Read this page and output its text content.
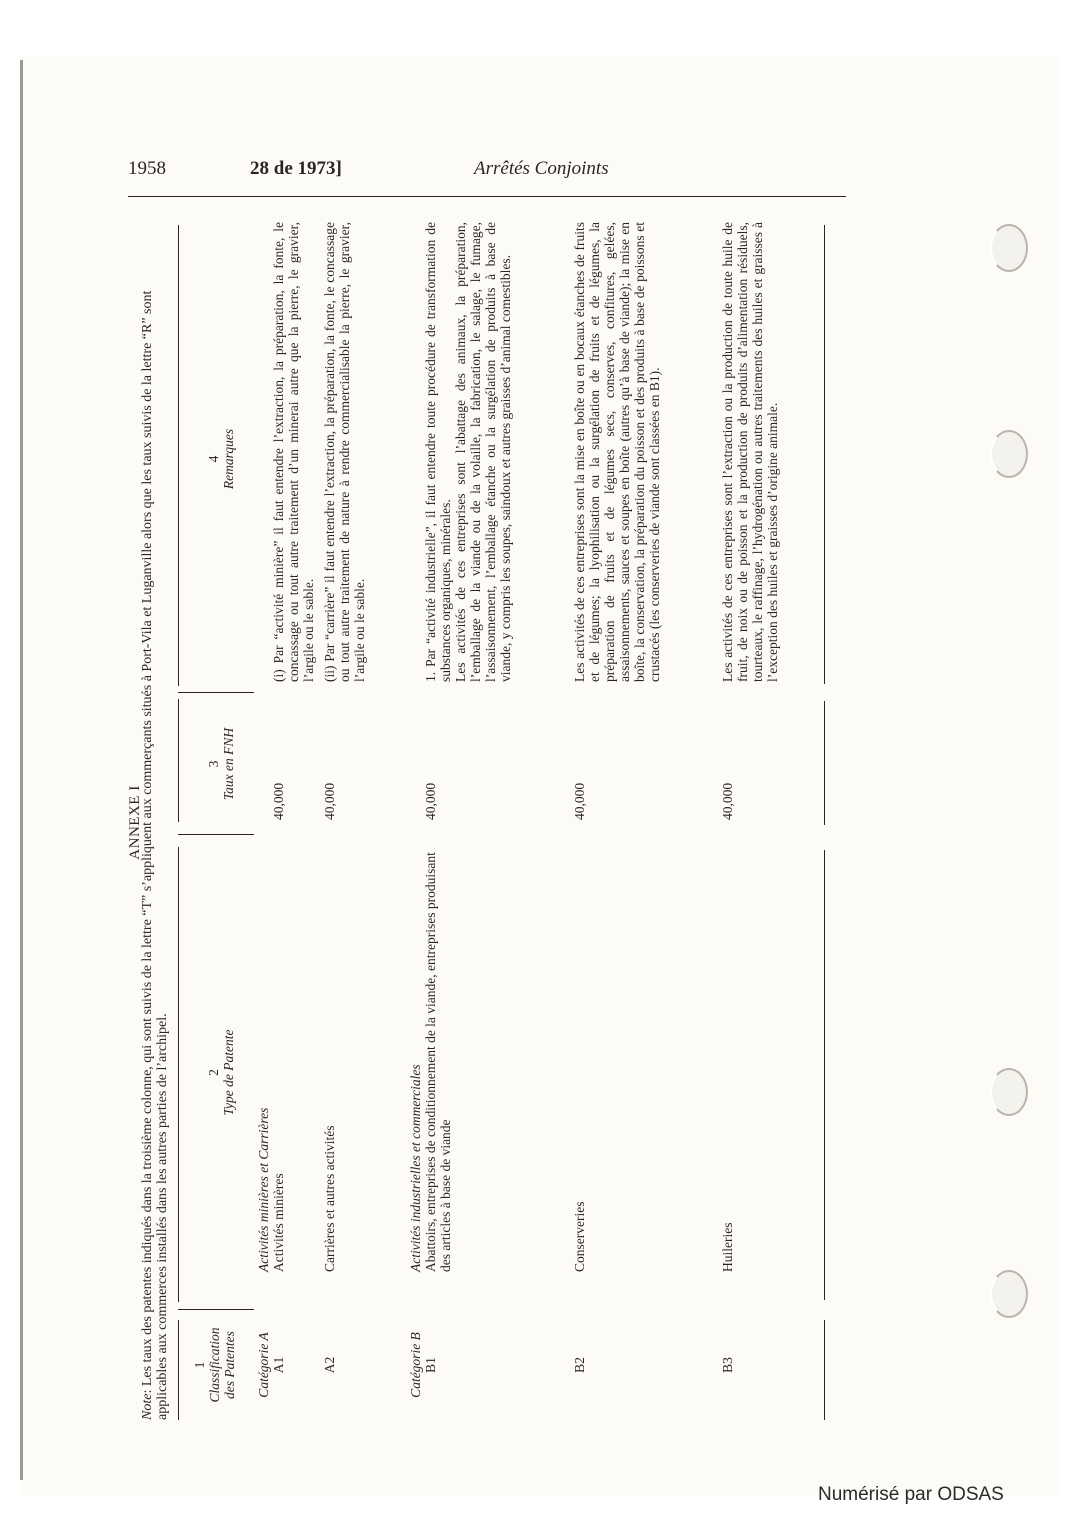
1958	28 de 1973]	Arrêtés Conjoints
ANNEXE I
Note: Les taux des patentes indiqués dans la troisième colonne, qui sont suivis de la lettre “T” s’appliquent aux commerçants situés à Port-Vila et Luganville alors que les taux suivis de la lettre “R” sont applicables aux commerces installés dans les autres parties de l’archipel. 1 Classification des Patentes
2 Type de Patente
3 Taux en FNH
4 Remarques
Catégorie A A1
Activités minières et Carrières Activités minières
40,000

(i) Par “activité minière” il faut entendre l’extraction, la préparation, la fonte, le concassage ou tout autre traitement d’un minerai autre que la pierre, le gravier, l’argile ou le sable.

A2
Carrières et autres activités
40,000

(ii) Par “carrière” il faut entendre l’extraction, la préparation, la fonte, le concassage ou tout autre traitement de nature à rendre commercialisable la pierre, le gravier, l’argile ou le sable.

Catégorie B B1
Activités industrielles et commerciales Abattoirs, entreprises de conditionnement de la viande, entreprises produisant des articles à base de viande
40,000

1. Par “activité industrielle”, il faut entendre toute procédure de transformation de substances organiques, minérales. Les activités de ces entreprises sont l’abattage des animaux, la préparation, l’emballage de la viande ou de la volaille, la fabrication, le salage, le fumage, l’assaisonnement, l’emballage étanche ou la surgélation de produits à base de viande, y compris les soupes, saindoux et autres graisses d’animal comestibles.

B2
Conserveries
40,000

Les activités de ces entreprises sont la mise en boîte ou en bocaux étanches de fruits et de légumes; la lyophilisation ou la surgélation de fruits et de légumes, la préparation de fruits et de légumes secs, conserves, confitures, gelées, assaisonnements, sauces et soupes en boîte (autres qu’à base de viande); la mise en boîte, la conservation, la préparation du poisson et des produits à base de poissons et crustacés (les conserveries de viande sont classées en B1).

B3
Huileries
40,000

Les activités de ces entreprises sont l’extraction ou la production de toute huile de fruit, de noix ou de poisson et la production de produits d’alimentation résiduels, tourteaux, le raffinage, l’hydrogénation ou autres traitements des huiles et graisses à l’exception des huiles et graisses d’origine animale.

Numérisé par ODSAS
